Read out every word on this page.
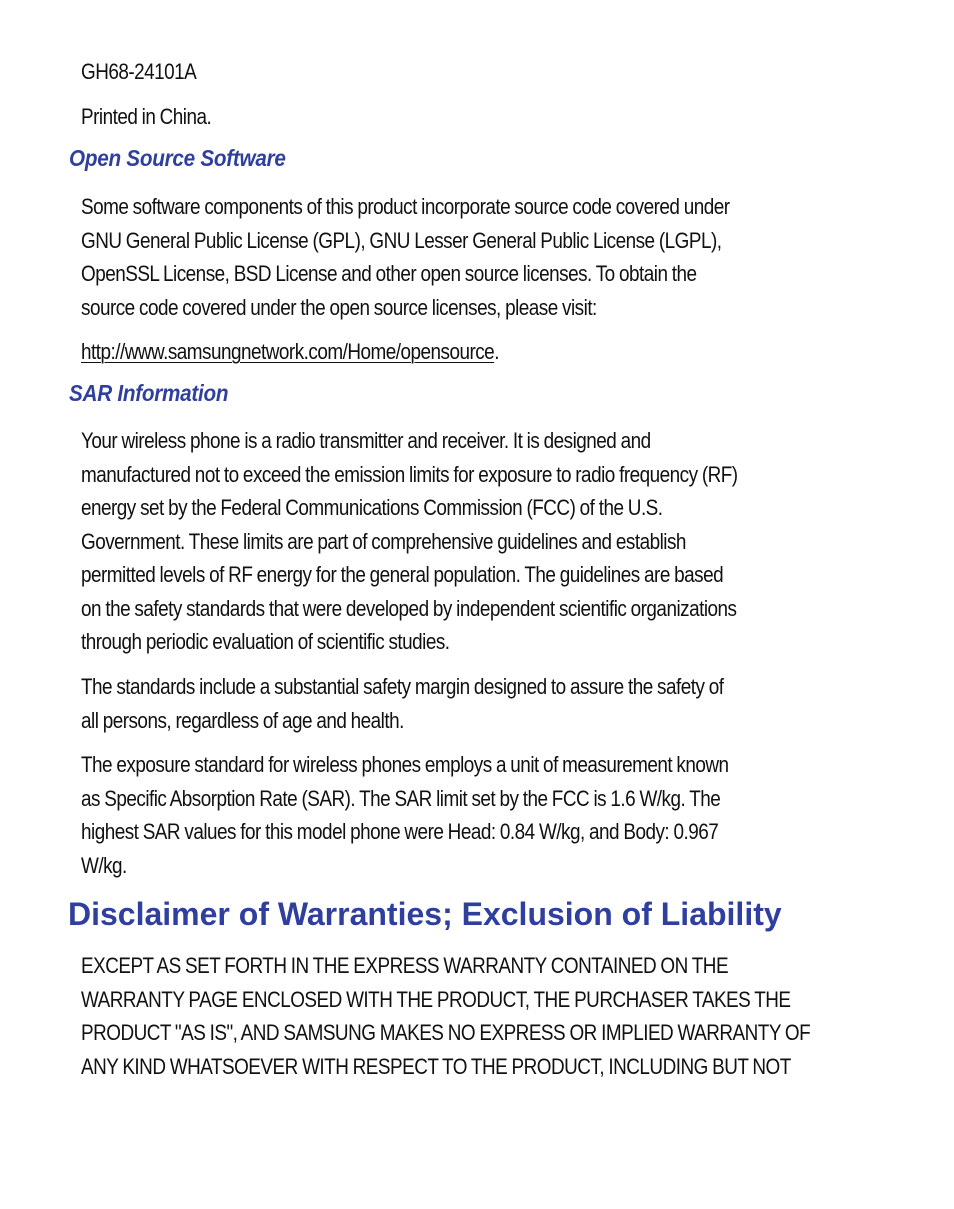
GH68-24101A
Printed in China.
Open Source Software
Some software components of this product incorporate source code covered under
GNU General Public License (GPL), GNU Lesser General Public License (LGPL),
OpenSSL License, BSD License and other open source licenses. To obtain the
source code covered under the open source licenses, please visit:
http://www.samsungnetwork.com/Home/opensource.
SAR Information
Your wireless phone is a radio transmitter and receiver. It is designed and
manufactured not to exceed the emission limits for exposure to radio frequency (RF)
energy set by the Federal Communications Commission (FCC) of the U.S.
Government. These limits are part of comprehensive guidelines and establish
permitted levels of RF energy for the general population. The guidelines are based
on the safety standards that were developed by independent scientific organizations
through periodic evaluation of scientific studies.
The standards include a substantial safety margin designed to assure the safety of
all persons, regardless of age and health.
The exposure standard for wireless phones employs a unit of measurement known
as Specific Absorption Rate (SAR). The SAR limit set by the FCC is 1.6 W/kg. The
highest SAR values for this model phone were Head: 0.84 W/kg, and Body: 0.967
W/kg.
Disclaimer of Warranties; Exclusion of Liability
EXCEPT AS SET FORTH IN THE EXPRESS WARRANTY CONTAINED ON THE
WARRANTY PAGE ENCLOSED WITH THE PRODUCT, THE PURCHASER TAKES THE
PRODUCT "AS IS", AND SAMSUNG MAKES NO EXPRESS OR IMPLIED WARRANTY OF
ANY KIND WHATSOEVER WITH RESPECT TO THE PRODUCT, INCLUDING BUT NOT
